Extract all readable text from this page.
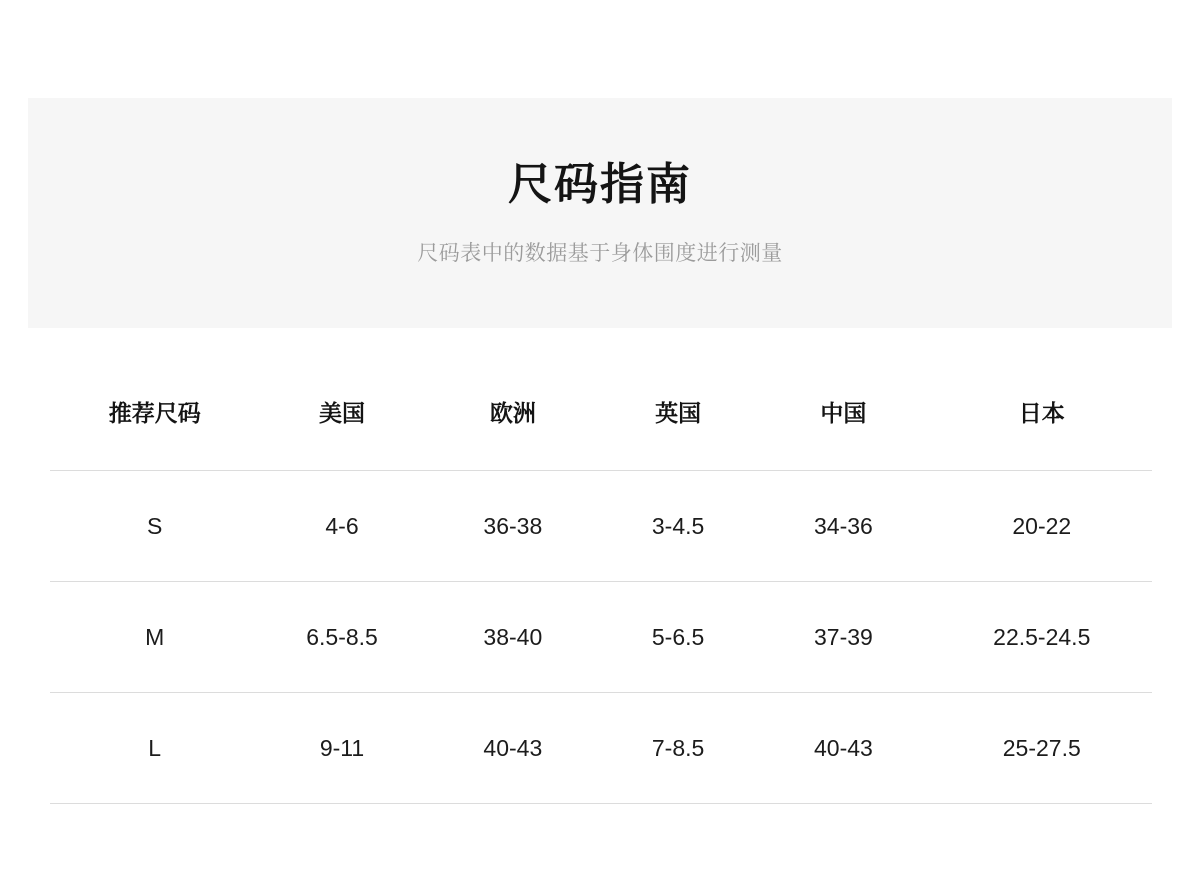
尺码指南

尺码表中的数据基于身体围度进行测量

推荐尺码	美国	欧洲	英国	中国	日本
S	4-6	36-38	3-4.5	34-36	20-22
M	6.5-8.5	38-40	5-6.5	37-39	22.5-24.5
L	9-11	40-43	7-8.5	40-43	25-27.5
